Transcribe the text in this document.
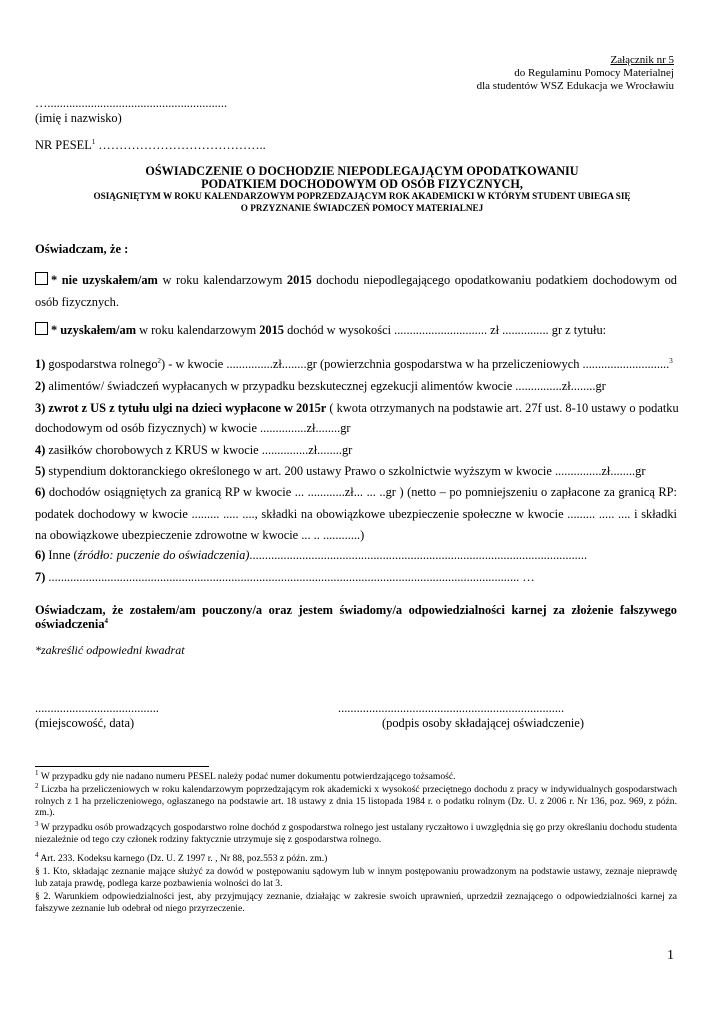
Załącznik nr 5
do Regulaminu Pomocy Materialnej
dla studentów WSZ Edukacja we Wrocławiu
…..........................................................
(imię i nazwisko)
NR PESEL$^1$ …………………………………..
OŚWIADCZENIE O DOCHODZIE NIEPODLEGAJĄCYM OPODATKOWANIU
PODATKIEM DOCHODOWYM OD OSÓB FIZYCZNYCH,
OSIĄGNIĘTYM W ROKU KALENDARZOWYM POPRZEDZAJĄCYM ROK AKADEMICKI W KTÓRYM STUDENT UBIEGA SIĘ
O PRZYZNANIE ŚWIADCZEŃ POMOCY MATERIALNEJ
Oświadczam, że :
* nie uzyskałem/am w roku kalendarzowym 2015 dochodu niepodlegającego opodatkowaniu podatkiem dochodowym od osób fizycznych.
* uzyskałem/am w roku kalendarzowym 2015 dochód w wysokości .............................. zł ............... gr z tytułu:
1) gospodarstwa rolnego$^2$) - w kwocie ...............zł........gr (powierzchnia gospodarstwa w ha przeliczeniowych ............................$^3$
2) alimentów/ świadczeń wypłacanych w przypadku bezskutecznej egzekucji alimentów kwocie ...............zł........gr
3) zwrot z US z tytułu ulgi na dzieci wypłacone w 2015r ( kwota otrzymanych na podstawie art. 27f ust. 8-10 ustawy o podatku
dochodowym od osób fizycznych) w kwocie ...............zł........gr
4) zasiłków chorobowych z KRUS w kwocie ...............zł........gr
5) stypendium doktoranckiego określonego w art. 200 ustawy Prawo o szkolnictwie wyższym w kwocie ...............zł........gr
6) dochodów osiągniętych za granicą RP w kwocie ... ............zł... ... ..gr ) (netto – po pomniejszeniu o zapłacone za granicą RP: podatek dochodowy w kwocie ......... ..... ...., składki na obowiązkowe ubezpieczenie społeczne w kwocie ......... ..... .... i składki na obowiązkowe ubezpieczenie zdrowotne w kwocie ... .. ............)
6) Inne (źródło: puczenie do oświadczenia).............................................................................................................
7) ........................................................................................................................................................ …
Oświadczam, że zostałem/am pouczony/a oraz jestem świadomy/a odpowiedzialności karnej za złożenie fałszywego oświadczenia$^4$
*zakreślić odpowiedni kwadrat
........................................
(miejscowość, data)
.........................................................................
(podpis osoby składającej oświadczenie)
$^1$ W przypadku gdy nie nadano numeru PESEL należy podać numer dokumentu potwierdzającego tożsamość.
$^2$ Liczba ha przeliczeniowych w roku kalendarzowym poprzedzającym rok akademicki x wysokość przeciętnego dochodu z pracy w indywidualnych gospodarstwach rolnych z 1 ha przeliczeniowego, ogłaszanego na podstawie art. 18 ustawy z dnia 15 listopada 1984 r. o podatku rolnym (Dz. U. z 2006 r. Nr 136, poz. 969, z późn. zm.).
$^3$ W przypadku osób prowadzących gospodarstwo rolne dochód z gospodarstwa rolnego jest ustalany ryczałtowo i uwzględnia się go przy określaniu dochodu studenta niezależnie od tego czy członek rodziny faktycznie utrzymuje się z gospodarstwa rolnego.
$^4$ Art. 233. Kodeksu karnego (Dz. U. Z 1997 r. , Nr 88, poz.553 z późn. zm.)
§ 1. Kto, składając zeznanie mające służyć za dowód w postępowaniu sądowym lub w innym postępowaniu prowadzonym na podstawie ustawy, zeznaje nieprawdę lub zataja prawdę, podlega karze pozbawienia wolności do lat 3.
§ 2. Warunkiem odpowiedzialności jest, aby przyjmujący zeznanie, działając w zakresie swoich uprawnień, uprzedził zeznającego o odpowiedzialności karnej za fałszywe zeznanie lub odebrał od niego przyrzeczenie.
1
